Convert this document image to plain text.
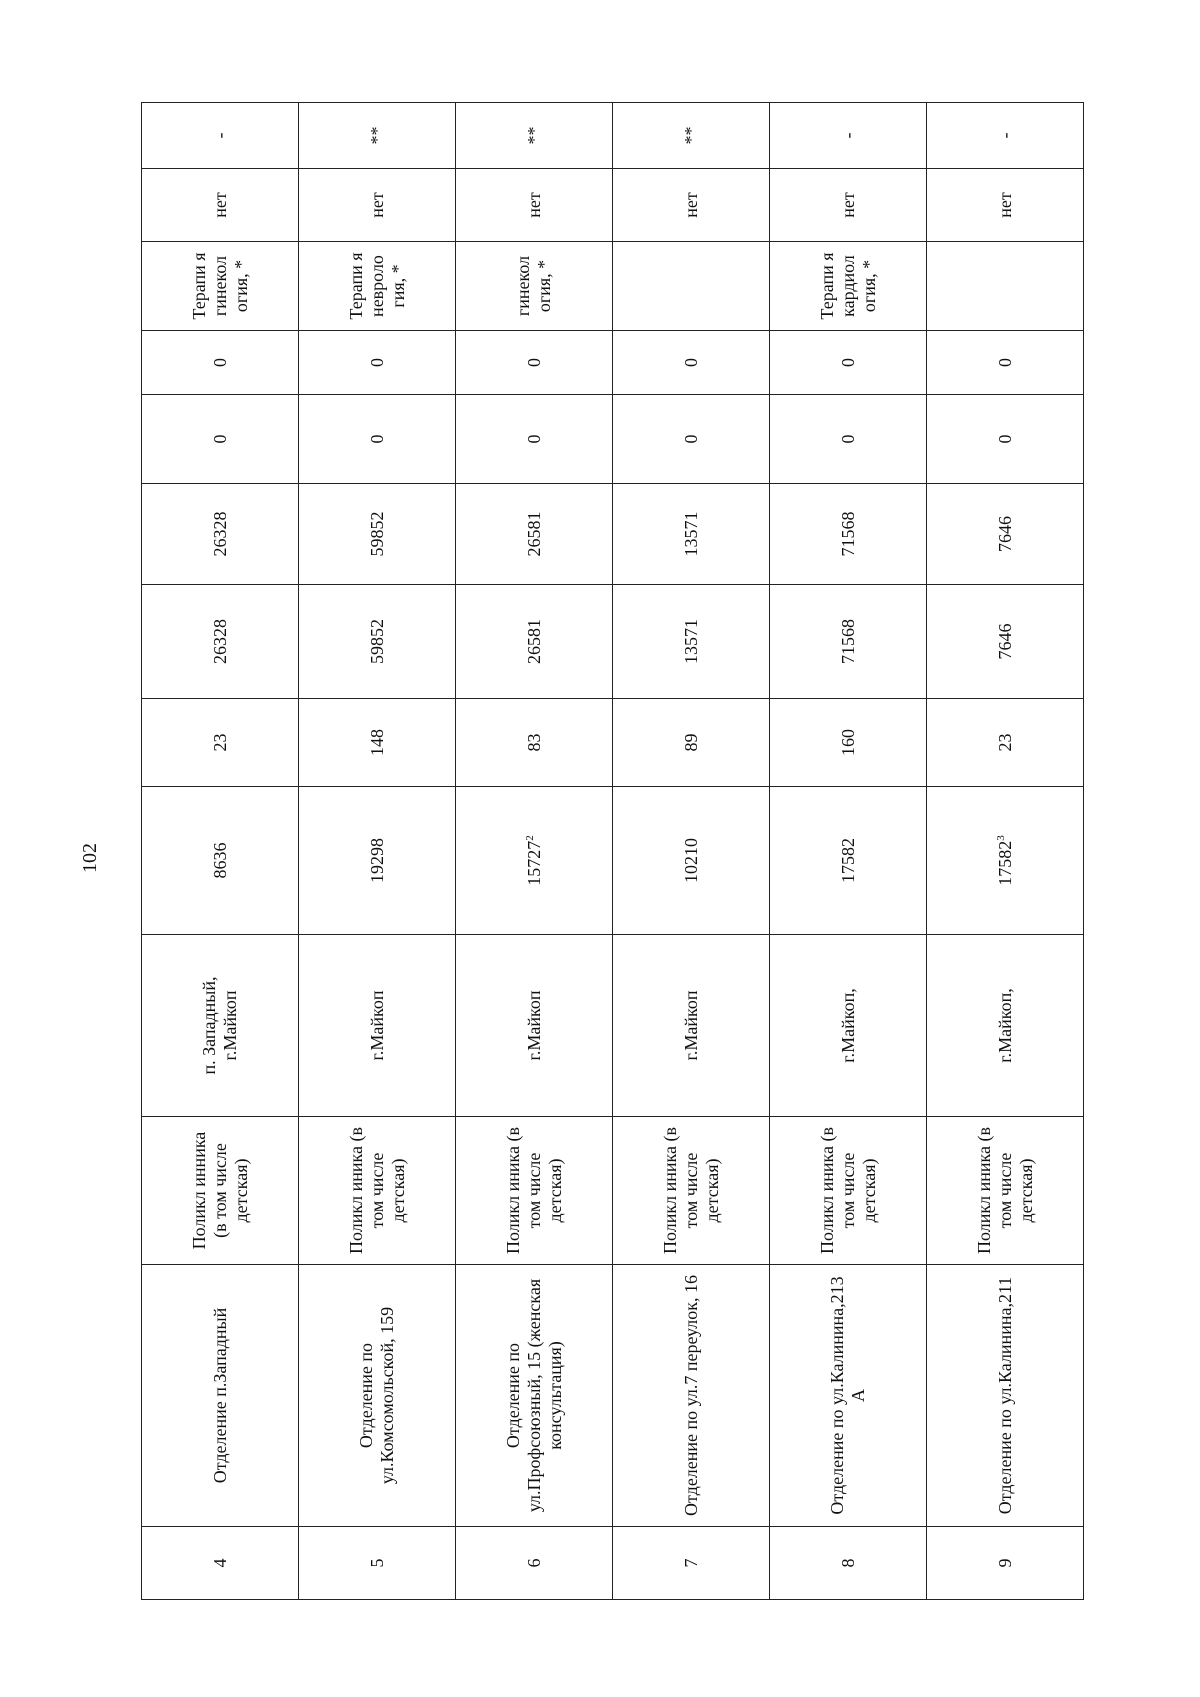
102
4	Отделение п.Западный	Поликл инника (в том числе детская)	п. Западный, г.Майкоп	8636	23	26328	26328	0	0	Терапи я гинекол огия, *	нет	-
5	Отделение по ул.Комсомольской, 159	Поликл иника (в том числе детская)	г.Майкоп	19298	148	59852	59852	0	0	Терапи я невроло гия, *	нет	**
6	Отделение по ул.Профсоюзный, 15 (женская консультация)	Поликл иника (в том числе детская)	г.Майкоп	15727$^2$	83	26581	26581	0	0	гинекол огия, *	нет	**
7	Отделение по ул.7 переулок, 16	Поликл иника (в том числе детская)	г.Майкоп	10210	89	13571	13571	0	0		нет	**
8	Отделение по ул.Калинина,213 А	Поликл иника (в том числе детская)	г.Майкоп,	17582	160	71568	71568	0	0	Терапи я кардиол огия, *	нет	-
9	Отделение по ул.Калинина,211	Поликл иника (в том числе детская)	г.Майкоп,	17582$^3$	23	7646	7646	0	0		нет	-
